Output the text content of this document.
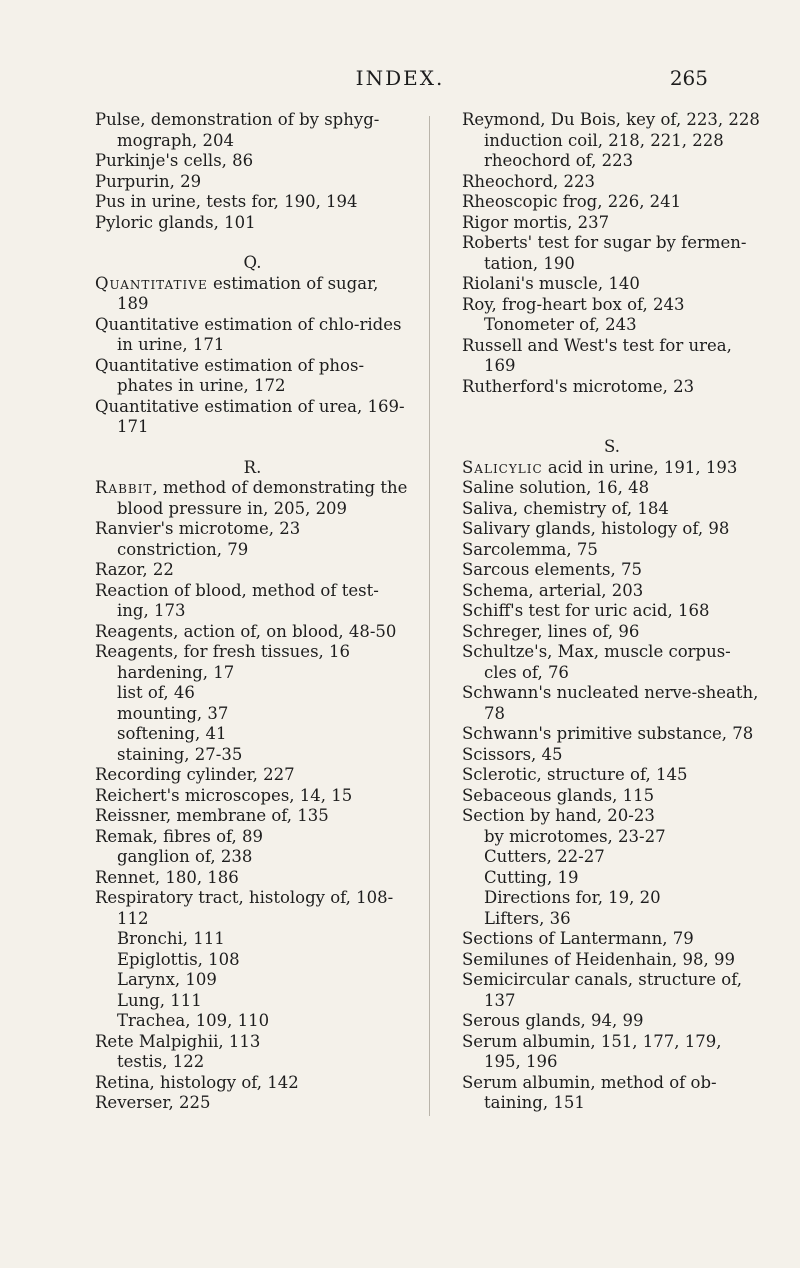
INDEX.	265

Pulse, demonstration of by sphyg-mograph, 204

Purkinje's cells, 86

Purpurin, 29

Pus in urine, tests for, 190, 194

Pyloric glands, 101

Q.

Quantitative estimation of sugar, 189

Quantitative estimation of chlo-rides in urine, 171

Quantitative estimation of phos-phates in urine, 172

Quantitative estimation of urea, 169-171

R.

Rabbit, method of demonstrating the blood pressure in, 205, 209

Ranvier's microtome, 23

constriction, 79

Razor, 22

Reaction of blood, method of test-ing, 173

Reagents, action of, on blood, 48-50

Reagents, for fresh tissues, 16

hardening, 17

list of, 46

mounting, 37

softening, 41

staining, 27-35

Recording cylinder, 227

Reichert's microscopes, 14, 15

Reissner, membrane of, 135

Remak, fibres of, 89

ganglion of, 238

Rennet, 180, 186

Respiratory tract, histology of, 108-112

Bronchi, 111

Epiglottis, 108

Larynx, 109

Lung, 111

Trachea, 109, 110

Rete Malpighii, 113

testis, 122

Retina, histology of, 142

Reverser, 225

Reymond, Du Bois, key of, 223, 228

induction coil, 218, 221, 228

rheochord of, 223

Rheochord, 223

Rheoscopic frog, 226, 241

Rigor mortis, 237

Roberts' test for sugar by fermen-tation, 190

Riolani's muscle, 140

Roy, frog-heart box of, 243

Tonometer of, 243

Russell and West's test for urea, 169

Rutherford's microtome, 23

S.

Salicylic acid in urine, 191, 193

Saline solution, 16, 48

Saliva, chemistry of, 184

Salivary glands, histology of, 98

Sarcolemma, 75

Sarcous elements, 75

Schema, arterial, 203

Schiff's test for uric acid, 168

Schreger, lines of, 96

Schultze's, Max, muscle corpus-cles of, 76

Schwann's nucleated nerve-sheath, 78

Schwann's primitive substance, 78

Scissors, 45

Sclerotic, structure of, 145

Sebaceous glands, 115

Section by hand, 20-23

by microtomes, 23-27

Cutters, 22-27

Cutting, 19

Directions for, 19, 20

Lifters, 36

Sections of Lantermann, 79

Semilunes of Heidenhain, 98, 99

Semicircular canals, structure of, 137

Serous glands, 94, 99

Serum albumin, 151, 177, 179, 195, 196

Serum albumin, method of ob-taining, 151
